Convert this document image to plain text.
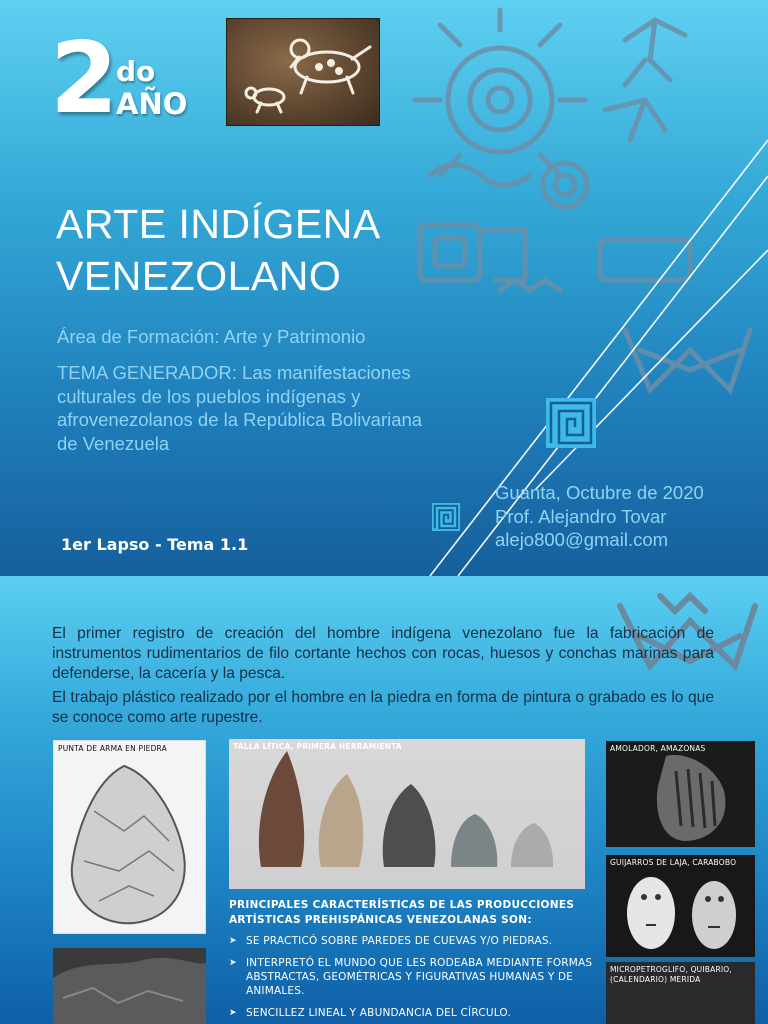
2 do
AÑO
ARTE INDÍGENA
VENEZOLANO
Área de Formación: Arte y Patrimonio
TEMA GENERADOR: Las manifestaciones culturales de los pueblos indígenas y afrovenezolanos de la República Bolivariana de Venezuela
Guanta, Octubre de 2020
Prof. Alejandro Tovar
alejo800@gmail.com
1er Lapso - Tema 1.1

El primer registro de creación del hombre indígena venezolano fue la fabricación de instrumentos rudimentarios de filo cortante hechos con rocas, huesos y conchas marinas para defenderse, la cacería y la pesca.

El trabajo plástico realizado por el hombre en la piedra en forma de pintura o grabado es lo que se conoce como arte rupestre.

PUNTA DE ARMA EN PIEDRA	TALLA LÍTICA, PRIMERA HERRAMIENTA	AMOLADOR, AMAZONAS
GUIJARROS DE LAJA, CARABOBO
MICROPETROGLIFO, QUIBARIO, (CALENDARIO) MERIDA
PRINCIPALES CARACTERÍSTICAS DE LAS PRODUCCIONES ARTÍSTICAS PREHISPÁNICAS VENEZOLANAS SON:
➤ SE PRACTICÓ SOBRE PAREDES DE CUEVAS Y/O PIEDRAS.
➤ INTERPRETÓ EL MUNDO QUE LES RODEABA MEDIANTE FORMAS ABSTRACTAS, GEOMÉTRICAS Y FIGURATIVAS HUMANAS Y DE ANIMALES.
➤ SENCILLEZ LINEAL Y ABUNDANCIA DEL CÍRCULO.
